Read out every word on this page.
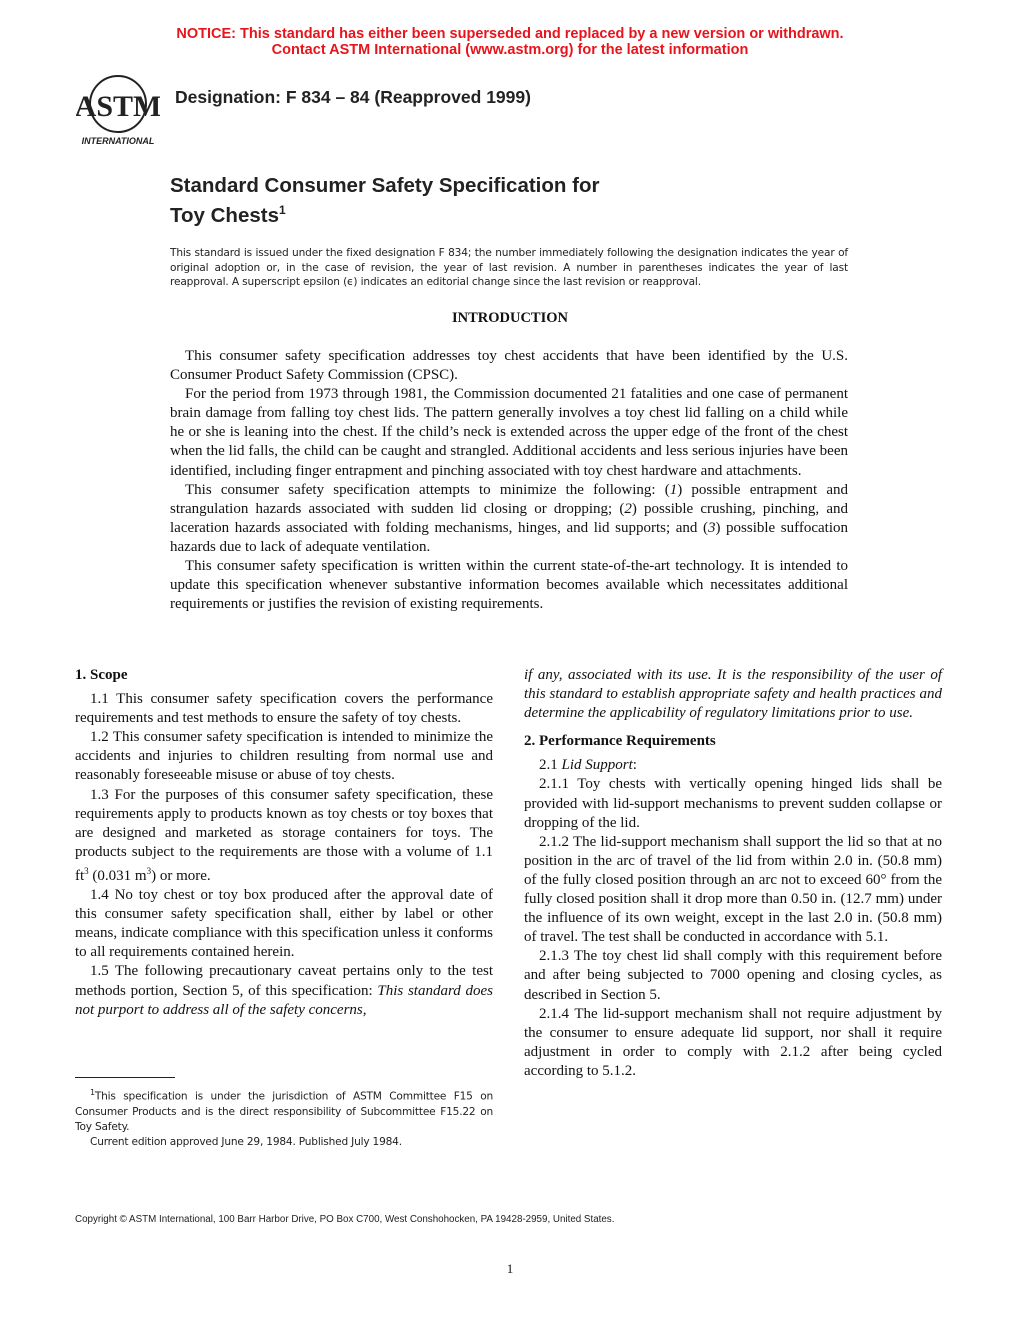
NOTICE: This standard has either been superseded and replaced by a new version or withdrawn.
Contact ASTM International (www.astm.org) for the latest information
ASTM
INTERNATIONAL
Designation: F 834 – 84 (Reapproved 1999)
Standard Consumer Safety Specification for
Toy Chests$^1$
This standard is issued under the fixed designation F 834; the number immediately following the designation indicates the year of original adoption or, in the case of revision, the year of last revision. A number in parentheses indicates the year of last reapproval. A superscript epsilon (ϵ) indicates an editorial change since the last revision or reapproval.
INTRODUCTION

This consumer safety specification addresses toy chest accidents that have been identified by the U.S. Consumer Product Safety Commission (CPSC).

For the period from 1973 through 1981, the Commission documented 21 fatalities and one case of permanent brain damage from falling toy chest lids. The pattern generally involves a toy chest lid falling on a child while he or she is leaning into the chest. If the child’s neck is extended across the upper edge of the front of the chest when the lid falls, the child can be caught and strangled. Additional accidents and less serious injuries have been identified, including finger entrapment and pinching associated with toy chest hardware and attachments.

This consumer safety specification attempts to minimize the following: (1) possible entrapment and strangulation hazards associated with sudden lid closing or dropping; (2) possible crushing, pinching, and laceration hazards associated with folding mechanisms, hinges, and lid supports; and (3) possible suffocation hazards due to lack of adequate ventilation.

This consumer safety specification is written within the current state-of-the-art technology. It is intended to update this specification whenever substantive information becomes available which necessitates additional requirements or justifies the revision of existing requirements.

1. Scope

1.1 This consumer safety specification covers the performance requirements and test methods to ensure the safety of toy chests.

1.2 This consumer safety specification is intended to minimize the accidents and injuries to children resulting from normal use and reasonably foreseeable misuse or abuse of toy chests.

1.3 For the purposes of this consumer safety specification, these requirements apply to products known as toy chests or toy boxes that are designed and marketed as storage containers for toys. The products subject to the requirements are those with a volume of 1.1 $ft^3$ (0.031 $m^3$) or more.

1.4 No toy chest or toy box produced after the approval date of this consumer safety specification shall, either by label or other means, indicate compliance with this specification unless it conforms to all requirements contained herein.

1.5 The following precautionary caveat pertains only to the test methods portion, Section 5, of this specification: This standard does not purport to address all of the safety concerns,

if any, associated with its use. It is the responsibility of the user of this standard to establish appropriate safety and health practices and determine the applicability of regulatory limitations prior to use.

2. Performance Requirements

2.1 Lid Support:

2.1.1 Toy chests with vertically opening hinged lids shall be provided with lid-support mechanisms to prevent sudden collapse or dropping of the lid.

2.1.2 The lid-support mechanism shall support the lid so that at no position in the arc of travel of the lid from within 2.0 in. (50.8 mm) of the fully closed position through an arc not to exceed 60° from the fully closed position shall it drop more than 0.50 in. (12.7 mm) under the influence of its own weight, except in the last 2.0 in. (50.8 mm) of travel. The test shall be conducted in accordance with 5.1.

2.1.3 The toy chest lid shall comply with this requirement before and after being subjected to 7000 opening and closing cycles, as described in Section 5.

2.1.4 The lid-support mechanism shall not require adjustment by the consumer to ensure adequate lid support, nor shall it require adjustment in order to comply with 2.1.2 after being cycled according to 5.1.2.

$^1$This specification is under the jurisdiction of ASTM Committee F15 on Consumer Products and is the direct responsibility of Subcommittee F15.22 on Toy Safety.

Current edition approved June 29, 1984. Published July 1984.

Copyright © ASTM International, 100 Barr Harbor Drive, PO Box C700, West Conshohocken, PA 19428-2959, United States.
1
